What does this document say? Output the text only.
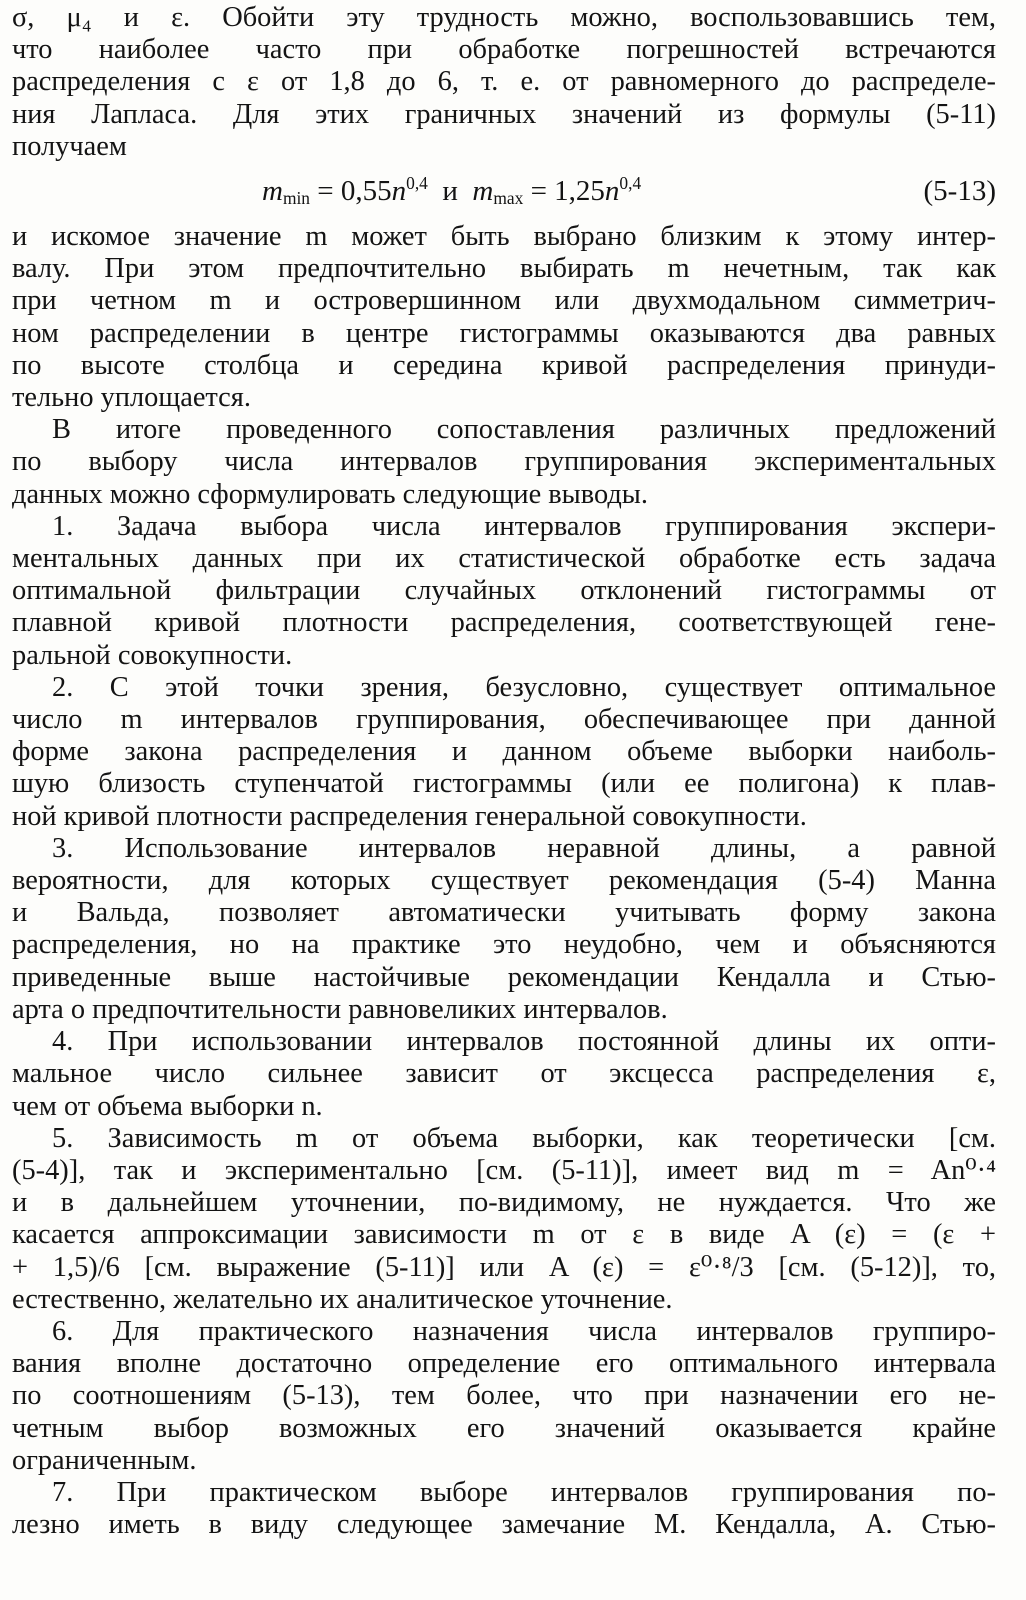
σ, μ₄ и ε. Обойти эту трудность можно, воспользовавшись тем,
что наиболее часто при обработке погрешностей встречаются
распределения с ε от 1,8 до 6, т. е. от равномерного до распределе-
ния Лапласа. Для этих граничных значений из формулы (5-11)
получаем

$m_{min} = 0,55n^{0,4}$ и $m_{max} = 1,25n^{0,4}$	(5-13)

и искомое значение m может быть выбрано близким к этому интер-
валу. При этом предпочтительно выбирать m нечетным, так как
при четном m и островершинном или двухмодальном симметрич-
ном распределении в центре гистограммы оказываются два равных
по высоте столбца и середина кривой распределения принуди-
тельно уплощается.

В итоге проведенного сопоставления различных предложений
по выбору числа интервалов группирования экспериментальных
данных можно сформулировать следующие выводы.

1. Задача выбора числа интервалов группирования экспери-
ментальных данных при их статистической обработке есть задача
оптимальной фильтрации случайных отклонений гистограммы от
плавной кривой плотности распределения, соответствующей гене-
ральной совокупности.

2. С этой точки зрения, безусловно, существует оптимальное
число m интервалов группирования, обеспечивающее при данной
форме закона распределения и данном объеме выборки наиболь-
шую близость ступенчатой гистограммы (или ее полигона) к плав-
ной кривой плотности распределения генеральной совокупности.

3. Использование интервалов неравной длины, а равной
вероятности, для которых существует рекомендация (5-4) Манна
и Вальда, позволяет автоматически учитывать форму закона
распределения, но на практике это неудобно, чем и объясняются
приведенные выше настойчивые рекомендации Кендалла и Стью-
арта о предпочтительности равновеликих интервалов.

4. При использовании интервалов постоянной длины их опти-
мальное число сильнее зависит от эксцесса распределения ε,
чем от объема выборки n.

5. Зависимость m от объема выборки, как теоретически [см.
(5-4)], так и экспериментально [см. (5-11)], имеет вид m = An⁰·⁴
и в дальнейшем уточнении, по-видимому, не нуждается. Что же
касается аппроксимации зависимости m от ε в виде A (ε) = (ε +
+ 1,5)/6 [см. выражение (5-11)] или A (ε) = ε⁰·⁸/3 [см. (5-12)], то,
естественно, желательно их аналитическое уточнение.

6. Для практического назначения числа интервалов группиро-
вания вполне достаточно определение его оптимального интервала
по соотношениям (5-13), тем более, что при назначении его не-
четным выбор возможных его значений оказывается крайне
ограниченным.

7. При практическом выборе интервалов группирования по-
лезно иметь в виду следующее замечание М. Кендалла, А. Стью-
